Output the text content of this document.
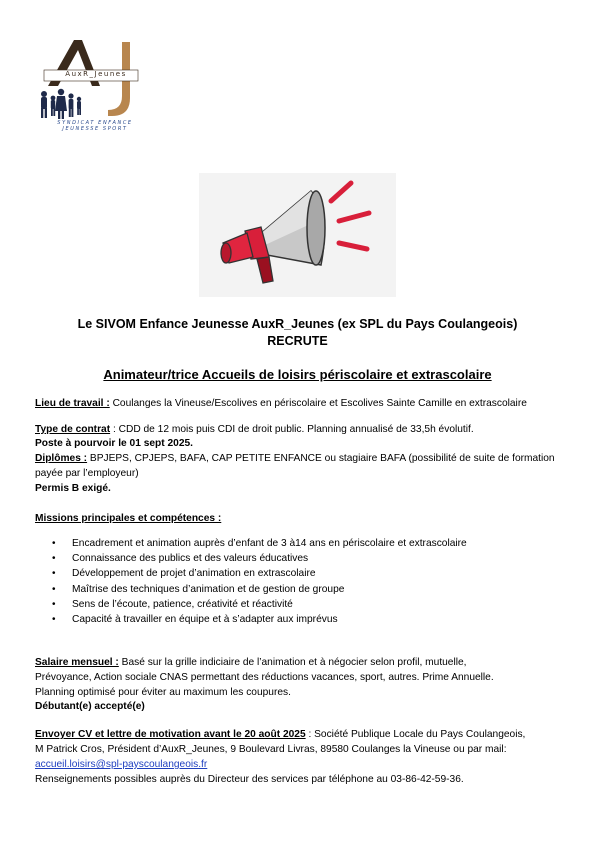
AuxR_Jeunes
SYNDICAT ENFANCE
JEUNESSE SPORT
Le SIVOM Enfance Jeunesse AuxR_Jeunes (ex SPL du Pays Coulangeois)
RECRUTE
Animateur/trice Accueils de loisirs périscolaire et extrascolaire
Lieu de travail : Coulanges la Vineuse/Escolives en périscolaire et Escolives Sainte Camille en extrascolaire
Type de contrat : CDD de 12 mois puis CDI de droit public. Planning annualisé de 33,5h évolutif.
Poste à pourvoir le 01 sept 2025.
Diplômes : BPJEPS, CPJEPS, BAFA, CAP PETITE ENFANCE ou stagiaire BAFA (possibilité de suite de formation
payée par l’employeur)
Permis B exigé.
Missions principales et compétences :
• Encadrement et animation auprès d’enfant de 3 à14 ans en périscolaire et extrascolaire
• Connaissance des publics et des valeurs éducatives
• Développement de projet d’animation en extrascolaire
• Maîtrise des techniques d’animation et de gestion de groupe
• Sens de l’écoute, patience, créativité et réactivité
• Capacité à travailler en équipe et à s’adapter aux imprévus
Salaire mensuel : Basé sur la grille indiciaire de l’animation et à négocier selon profil, mutuelle,
Prévoyance, Action sociale CNAS permettant des réductions vacances, sport, autres. Prime Annuelle.
Planning optimisé pour éviter au maximum les coupures.
Débutant(e) accepté(e)
Envoyer CV et lettre de motivation avant le 20 août 2025 : Société Publique Locale du Pays Coulangeois,
M Patrick Cros, Président d’AuxR_Jeunes, 9 Boulevard Livras, 89580 Coulanges la Vineuse ou par mail:
accueil.loisirs@spl-payscoulangeois.fr
Renseignements possibles auprès du Directeur des services par téléphone au 03-86-42-59-36.
